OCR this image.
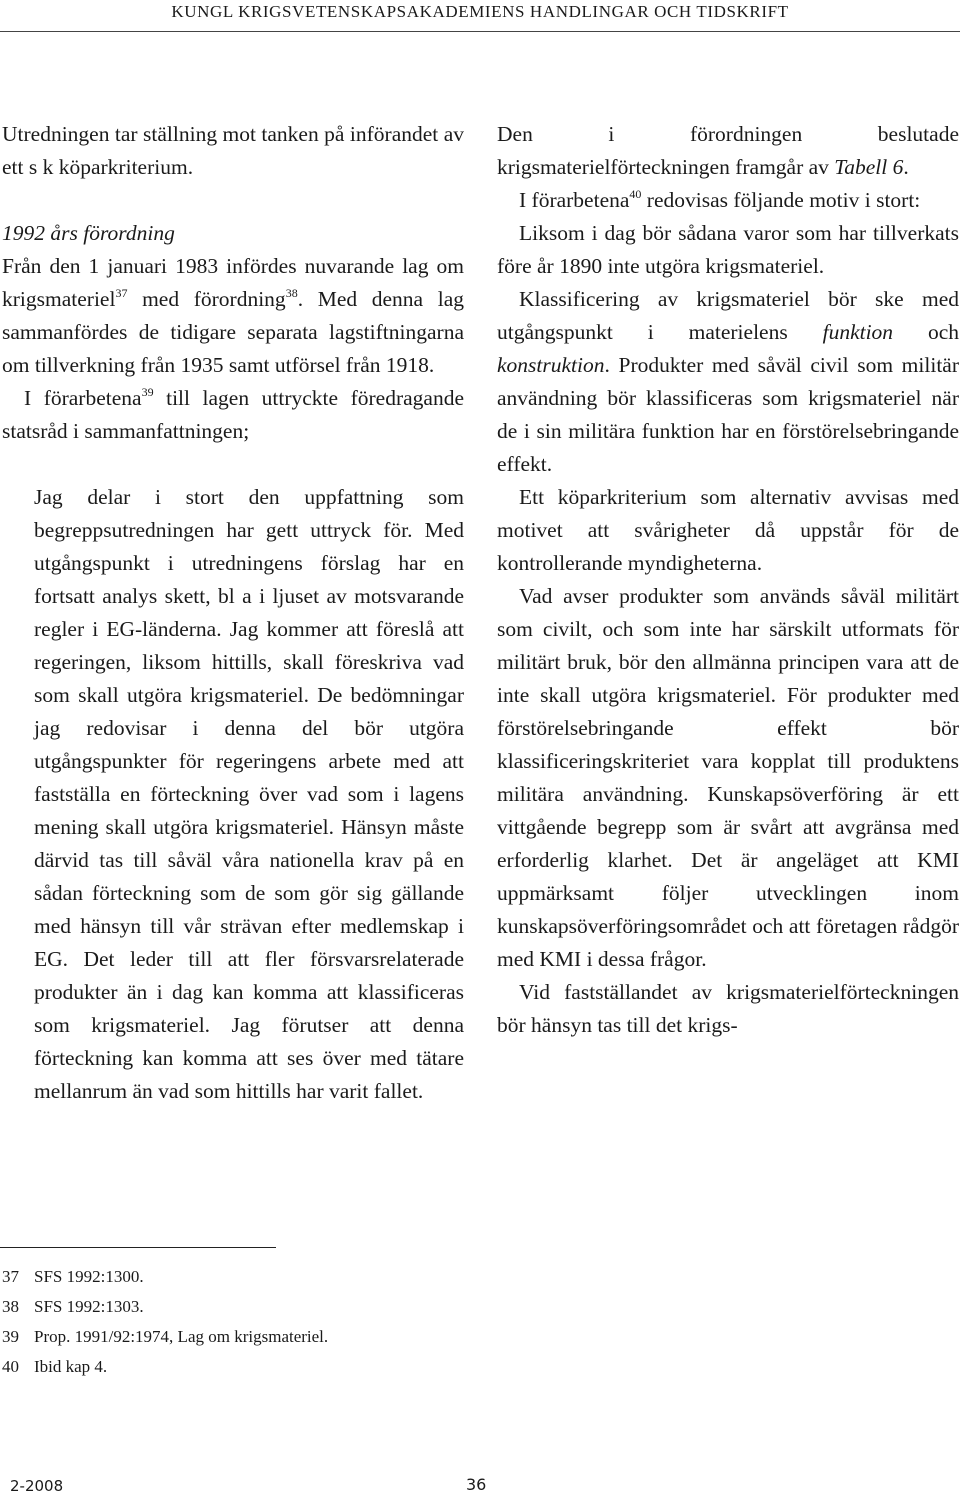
KUNGL KRIGSVETENSKAPSAKADEMIENS HANDLINGAR OCH TIDSKRIFT

Utredningen tar ställning mot tanken på införandet av ett s k köparkriterium.

1992 års förordning

Från den 1 januari 1983 infördes nuvarande lag om krigsmateriel$^{37}$ med förordning$^{38}$. Med denna lag sammanfördes de tidigare separata lagstiftningarna om tillverkning från 1935 samt utförsel från 1918.

I förarbetena$^{39}$ till lagen uttryckte föredragande statsråd i sammanfattningen;

Jag delar i stort den uppfattning som begreppsutredningen har gett uttryck för. Med utgångspunkt i utredningens förslag har en fortsatt analys skett, bl a i ljuset av motsvarande regler i EG-länderna. Jag kommer att föreslå att regeringen, liksom hittills, skall föreskriva vad som skall utgöra krigsmateriel. De bedömningar jag redovisar i denna del bör utgöra utgångspunkter för regeringens arbete med att fastställa en förteckning över vad som i lagens mening skall utgöra krigsmateriel. Hänsyn måste därvid tas till såväl våra nationella krav på en sådan förteckning som de som gör sig gällande med hänsyn till vår strävan efter medlemskap i EG. Det leder till att fler försvarsrelaterade produkter än i dag kan komma att klassificeras som krigsmateriel. Jag förutser att denna förteckning kan komma att ses över med tätare mellanrum än vad som hittills har varit fallet.

Den i förordningen beslutade krigsmaterielförteckningen framgår av Tabell 6.

I förarbetena$^{40}$ redovisas följande motiv i stort:

Liksom i dag bör sådana varor som har tillverkats före år 1890 inte utgöra krigsmateriel.

Klassificering av krigsmateriel bör ske med utgångspunkt i materielens funktion och konstruktion. Produkter med såväl civil som militär användning bör klassificeras som krigsmateriel när de i sin militära funktion har en förstörelsebringande effekt.

Ett köparkriterium som alternativ avvisas med motivet att svårigheter då uppstår för de kontrollerande myndigheterna.

Vad avser produkter som används såväl militärt som civilt, och som inte har särskilt utformats för militärt bruk, bör den allmänna principen vara att de inte skall utgöra krigsmateriel. För produkter med förstörelsebringande effekt bör klassificeringskriteriet vara kopplat till produktens militära användning. Kunskapsöverföring är ett vittgående begrepp som är svårt att avgränsa med erforderlig klarhet. Det är angeläget att KMI uppmärksamt följer utvecklingen inom kunskapsöverföringsområdet och att företagen rådgör med KMI i dessa frågor.

Vid fastställandet av krigsmaterielförteckningen bör hänsyn tas till det krigs-

37 SFS 1992:1300.
38 SFS 1992:1303.
39 Prop. 1991/92:1974, Lag om krigsmateriel.
40 Ibid kap 4.
2-2008	36
